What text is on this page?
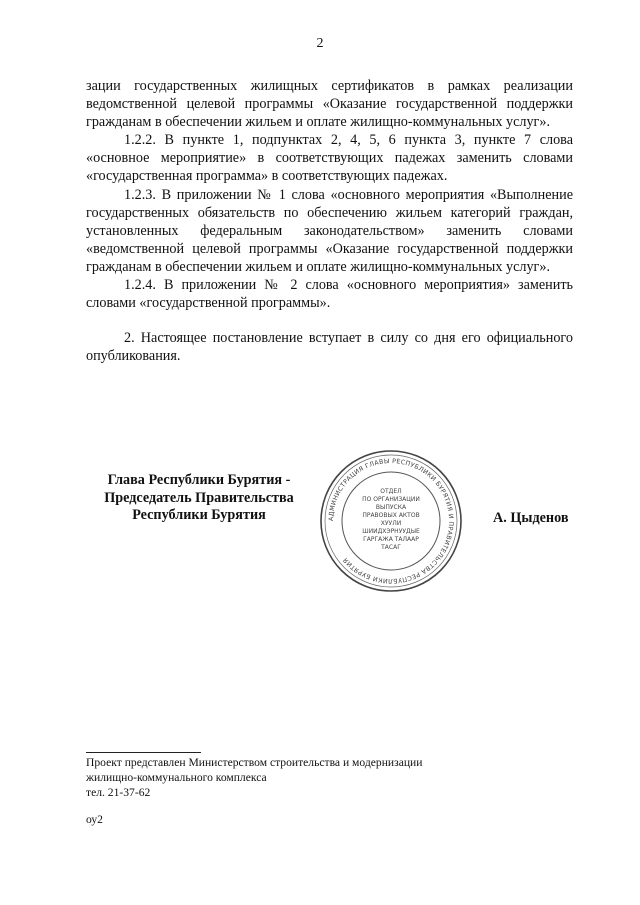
2

зации государственных жилищных сертификатов в рамках реализации ведомственной целевой программы «Оказание государственной поддержки гражданам в обеспечении жильем и оплате жилищно-коммунальных услуг».

1.2.2. В пункте 1, подпунктах 2, 4, 5, 6 пункта 3, пункте 7 слова «основное мероприятие» в соответствующих падежах заменить словами «государственная программа» в соответствующих падежах.

1.2.3. В приложении № 1 слова «основного мероприятия «Выполнение государственных обязательств по обеспечению жильем категорий граждан, установленных федеральным законодательством» заменить словами «ведомственной целевой программы «Оказание государственной поддержки гражданам в обеспечении жильем и оплате жилищно-коммунальных услуг».

1.2.4. В приложении № 2 слова «основного мероприятия» заменить словами «государственной программы».

2. Настоящее постановление вступает в силу со дня его официального опубликования.

Глава Республики Бурятия -
Председатель Правительства
Республики Бурятия	АДМИНИСТРАЦИЯ ГЛАВЫ РЕСПУБЛИКИ БУРЯТИЯ И ПРАВИТЕЛЬСТВА РЕСПУБЛИКИ БУРЯТИЯ
ОТДЕЛ
ПО ОРГАНИЗАЦИИ
ВЫПУСКА
ПРАВОВЫХ АКТОВ
ХУУЛИ
ШИИДХЭРНУУДЫЕ
ГАРГАЖА ТАЛААР
ТАСАГ
А. Цыденов
Проект представлен Министерством строительства и модернизации
жилищно-коммунального комплекса
тел. 21-37-62
оу2
